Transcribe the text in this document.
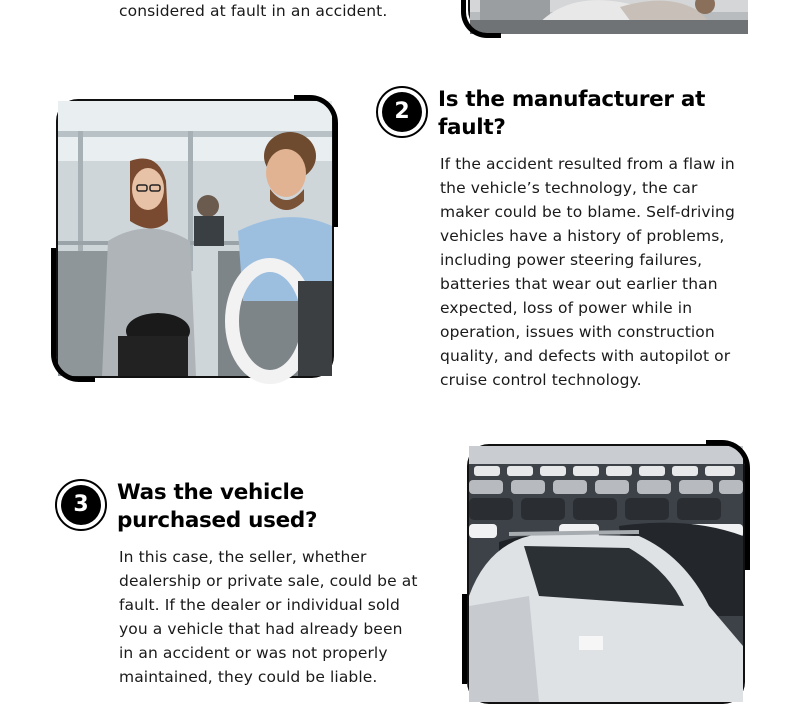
considered at fault in an accident.
2	Is the manufacturer at
fault?
If the accident resulted from a flaw in
the vehicle’s technology, the car
maker could be to blame. Self-driving
vehicles have a history of problems,
including power steering failures,
batteries that wear out earlier than
expected, loss of power while in
operation, issues with construction
quality, and defects with autopilot or
cruise control technology.
3	Was the vehicle
purchased used?
In this case, the seller, whether
dealership or private sale, could be at
fault. If the dealer or individual sold
you a vehicle that had already been
in an accident or was not properly
maintained, they could be liable.
